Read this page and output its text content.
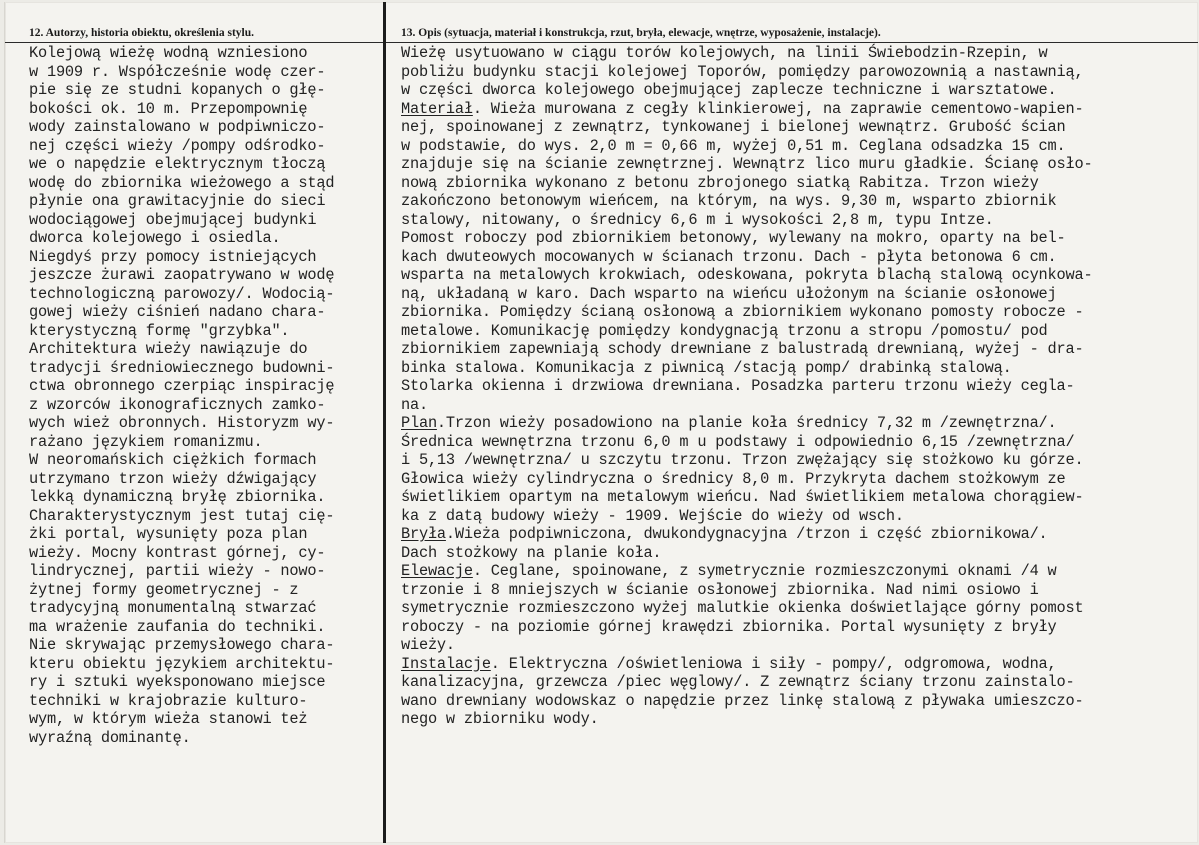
12. Autorzy, historia obiektu, określenia stylu.
Kolejową wieżę wodną wzniesiono
w 1909 r. Współcześnie wodę czer-
pie się ze studni kopanych o głę-
bokości ok. 10 m. Przepompownię
wody zainstalowano w podpiwniczo-
nej części wieży /pompy odśrodko-
we o napędzie elektrycznym tłoczą
wodę do zbiornika wieżowego a stąd
płynie ona grawitacyjnie do sieci
wodociągowej obejmującej budynki
dworca kolejowego i osiedla.
Niegdyś przy pomocy istniejących
jeszcze żurawi zaopatrywano w wodę
technologiczną parowozy/. Wodocią-
gowej wieży ciśnień nadano chara-
kterystyczną formę "grzybka".
Architektura wieży nawiązuje do
tradycji średniowiecznego budowni-
ctwa obronnego czerpiąc inspirację
z wzorców ikonograficznych zamko-
wych wież obronnych. Historyzm wy-
rażano językiem romanizmu.
W neoromańskich ciężkich formach
utrzymano trzon wieży dźwigający
lekką dynamiczną bryłę zbiornika.
Charakterystycznym jest tutaj cię-
żki portal, wysunięty poza plan
wieży. Mocny kontrast górnej, cy-
lindrycznej, partii wieży - nowo-
żytnej formy geometrycznej - z
tradycyjną monumentalną stwarzać
ma wrażenie zaufania do techniki.
Nie skrywając przemysłowego chara-
kteru obiektu językiem architektu-
ry i sztuki wyeksponowano miejsce
techniki w krajobrazie kulturo-
wym, w którym wieża stanowi też
wyraźną dominantę.
13. Opis (sytuacja, materiał i konstrukcja, rzut, bryła, elewacje, wnętrze, wyposażenie, instalacje).
Wieżę usytuowano w ciągu torów kolejowych, na linii Świebodzin-Rzepin, w
pobliżu budynku stacji kolejowej Toporów, pomiędzy parowozownią a nastawnią,
w części dworca kolejowego obejmującej zaplecze techniczne i warsztatowe.
Materiał. Wieża murowana z cegły klinkierowej, na zaprawie cementowo-wapien-
nej, spoinowanej z zewnątrz, tynkowanej i bielonej wewnątrz. Grubość ścian
w podstawie, do wys. 2,0 m = 0,66 m, wyżej 0,51 m. Ceglana odsadzka 15 cm.
znajduje się na ścianie zewnętrznej. Wewnątrz lico muru gładkie. Ścianę osło-
nową zbiornika wykonano z betonu zbrojonego siatką Rabitza. Trzon wieży
zakończono betonowym wieńcem, na którym, na wys. 9,30 m, wsparto zbiornik
stalowy, nitowany, o średnicy 6,6 m i wysokości 2,8 m, typu Intze.
Pomost roboczy pod zbiornikiem betonowy, wylewany na mokro, oparty na bel-
kach dwuteowych mocowanych w ścianach trzonu. Dach - płyta betonowa 6 cm.
wsparta na metalowych krokwiach, odeskowana, pokryta blachą stalową ocynkowa-
ną, układaną w karo. Dach wsparto na wieńcu ułożonym na ścianie osłonowej
zbiornika. Pomiędzy ścianą osłonową a zbiornikiem wykonano pomosty robocze -
metalowe. Komunikację pomiędzy kondygnacją trzonu a stropu /pomostu/ pod
zbiornikiem zapewniają schody drewniane z balustradą drewnianą, wyżej - dra-
binka stalowa. Komunikacja z piwnicą /stacją pomp/ drabinką stalową.
Stolarka okienna i drzwiowa drewniana. Posadzka parteru trzonu wieży cegla-
na.
Plan.Trzon wieży posadowiono na planie koła średnicy 7,32 m /zewnętrzna/.
Średnica wewnętrzna trzonu 6,0 m u podstawy i odpowiednio 6,15 /zewnętrzna/
i 5,13 /wewnętrzna/ u szczytu trzonu. Trzon zwężający się stożkowo ku górze.
Głowica wieży cylindryczna o średnicy 8,0 m. Przykryta dachem stożkowym ze
świetlikiem opartym na metalowym wieńcu. Nad świetlikiem metalowa chorągiew-
ka z datą budowy wieży - 1909. Wejście do wieży od wsch.
Bryła.Wieża podpiwniczona, dwukondygnacyjna /trzon i część zbiornikowa/.
Dach stożkowy na planie koła.
Elewacje. Ceglane, spoinowane, z symetrycznie rozmieszczonymi oknami /4 w
trzonie i 8 mniejszych w ścianie osłonowej zbiornika. Nad nimi osiowo i
symetrycznie rozmieszczono wyżej malutkie okienka doświetlające górny pomost
roboczy - na poziomie górnej krawędzi zbiornika. Portal wysunięty z bryły
wieży.
Instalacje. Elektryczna /oświetleniowa i siły - pompy/, odgromowa, wodna,
kanalizacyjna, grzewcza /piec węglowy/. Z zewnątrz ściany trzonu zainstalo-
wano drewniany wodowskaz o napędzie przez linkę stalową z pływaka umieszczo-
nego w zbiorniku wody.
